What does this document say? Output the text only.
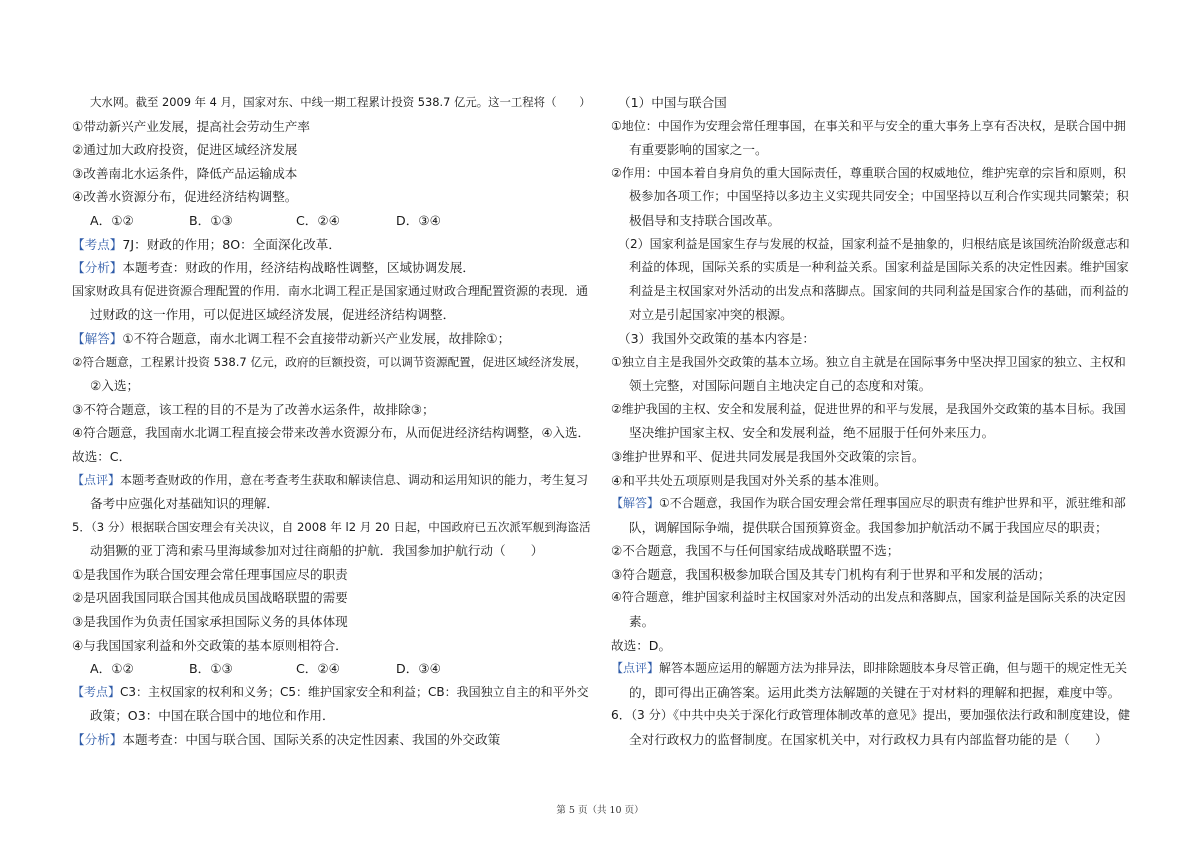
大水网。截至 2009 年 4 月，国家对东、中线一期工程累计投资 538.7 亿元。这一工程将（　　）
①带动新兴产业发展，提高社会劳动生产率
②通过加大政府投资，促进区域经济发展
③改善南北水运条件，降低产品运输成本
④改善水资源分布，促进经济结构调整。
A．①②	B．①③	C．②④	D．③④
【考点】7J：财政的作用；8O：全面深化改革．
【分析】本题考查：财政的作用，经济结构战略性调整，区域协调发展．
国家财政具有促进资源合理配置的作用．南水北调工程正是国家通过财政合理配置资源的表现．通
过财政的这一作用，可以促进区域经济发展，促进经济结构调整．
【解答】①不符合题意，南水北调工程不会直接带动新兴产业发展，故排除①；
②符合题意，工程累计投资 538.7 亿元，政府的巨额投资，可以调节资源配置，促进区域经济发展，
②入选；
③不符合题意，该工程的目的不是为了改善水运条件，故排除③；
④符合题意，我国南水北调工程直接会带来改善水资源分布，从而促进经济结构调整，④入选．
故选：C．
【点评】本题考查财政的作用，意在考查考生获取和解读信息、调动和运用知识的能力，考生复习
备考中应强化对基础知识的理解．
5．（3 分）根据联合国安理会有关决议，自 2008 年 l2 月 20 日起，中国政府已五次派军舰到海盗活
动猖獗的亚丁湾和索马里海域参加对过往商船的护航．我国参加护航行动（　　）
①是我国作为联合国安理会常任理事国应尽的职责
②是巩固我国同联合国其他成员国战略联盟的需要
③是我国作为负责任国家承担国际义务的具体体现
④与我国国家利益和外交政策的基本原则相符合．
A．①②	B．①③	C．②④	D．③④
【考点】C3：主权国家的权利和义务；C5：维护国家安全和利益；CB：我国独立自主的和平外交
政策；O3：中国在联合国中的地位和作用．
【分析】本题考查：中国与联合国、国际关系的决定性因素、我国的外交政策
（1）中国与联合国
①地位：中国作为安理会常任理事国，在事关和平与安全的重大事务上享有否决权，是联合国中拥
有重要影响的国家之一。
②作用：中国本着自身肩负的重大国际责任，尊重联合国的权威地位，维护宪章的宗旨和原则，积
极参加各项工作；中国坚持以多边主义实现共同安全；中国坚持以互利合作实现共同繁荣；积
极倡导和支持联合国改革。
（2）国家利益是国家生存与发展的权益，国家利益不是抽象的，归根结底是该国统治阶级意志和
利益的体现，国际关系的实质是一种利益关系。国家利益是国际关系的决定性因素。维护国家
利益是主权国家对外活动的出发点和落脚点。国家间的共同利益是国家合作的基础，而利益的
对立是引起国家冲突的根源。
（3）我国外交政策的基本内容是：
①独立自主是我国外交政策的基本立场。独立自主就是在国际事务中坚决捍卫国家的独立、主权和
领土完整，对国际问题自主地决定自己的态度和对策。
②维护我国的主权、安全和发展利益，促进世界的和平与发展，是我国外交政策的基本目标。我国
坚决维护国家主权、安全和发展利益，绝不屈服于任何外来压力。
③维护世界和平、促进共同发展是我国外交政策的宗旨。
④和平共处五项原则是我国对外关系的基本准则。
【解答】①不合题意，我国作为联合国安理会常任理事国应尽的职责有维护世界和平，派驻维和部
队，调解国际争端，提供联合国预算资金。我国参加护航活动不属于我国应尽的职责；
②不合题意，我国不与任何国家结成战略联盟不选；
③符合题意，我国积极参加联合国及其专门机构有利于世界和平和发展的活动；
④符合题意，维护国家利益时主权国家对外活动的出发点和落脚点，国家利益是国际关系的决定因
素。
故选：D。
【点评】解答本题应运用的解题方法为排异法，即排除题肢本身尽管正确，但与题干的规定性无关
的，即可得出正确答案。运用此类方法解题的关键在于对材料的理解和把握，难度中等。
6．（3 分）《中共中央关于深化行政管理体制改革的意见》提出，要加强依法行政和制度建设，健
全对行政权力的监督制度。在国家机关中，对行政权力具有内部监督功能的是（　　）
第 5 页（共 10 页）
